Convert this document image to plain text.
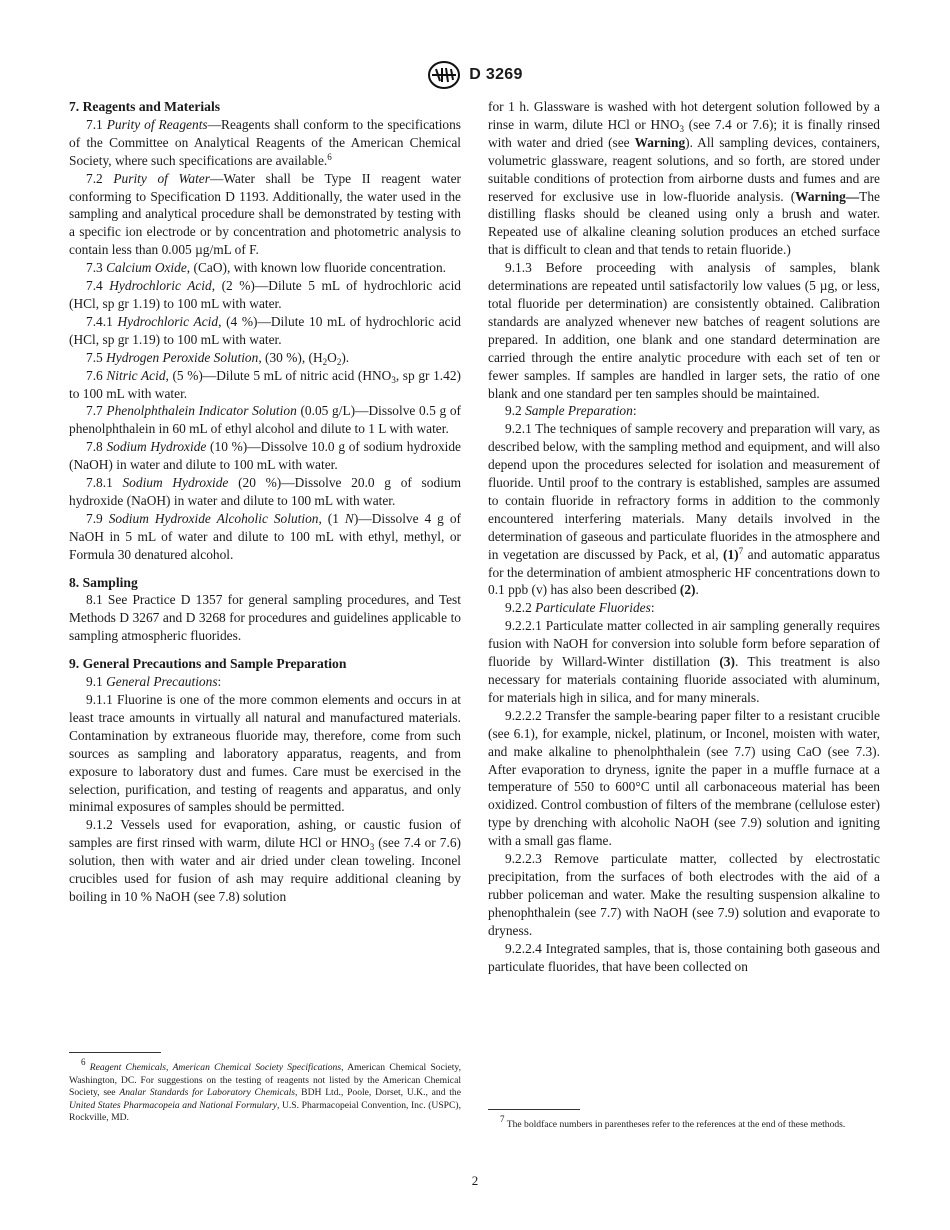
D 3269
7. Reagents and Materials

7.1 Purity of Reagents—Reagents shall conform to the specifications of the Committee on Analytical Reagents of the American Chemical Society, where such specifications are available.$^6$

7.2 Purity of Water—Water shall be Type II reagent water conforming to Specification D 1193. Additionally, the water used in the sampling and analytical procedure shall be demonstrated by testing with a specific ion electrode or by concentration and photometric analysis to contain less than 0.005 µg/mL of F.

7.3 Calcium Oxide, (CaO), with known low fluoride concentration.

7.4 Hydrochloric Acid, (2 %)—Dilute 5 mL of hydrochloric acid (HCl, sp gr 1.19) to 100 mL with water.

7.4.1 Hydrochloric Acid, (4 %)—Dilute 10 mL of hydrochloric acid (HCl, sp gr 1.19) to 100 mL with water.

7.5 Hydrogen Peroxide Solution, (30 %), $(H_2O_2)$.

7.6 Nitric Acid, (5 %)—Dilute 5 mL of nitric acid ($HNO_3$, sp gr 1.42) to 100 mL with water.

7.7 Phenolphthalein Indicator Solution (0.05 g/L)—Dissolve 0.5 g of phenolphthalein in 60 mL of ethyl alcohol and dilute to 1 L with water.

7.8 Sodium Hydroxide (10 %)—Dissolve 10.0 g of sodium hydroxide (NaOH) in water and dilute to 100 mL with water.

7.8.1 Sodium Hydroxide (20 %)—Dissolve 20.0 g of sodium hydroxide (NaOH) in water and dilute to 100 mL with water.

7.9 Sodium Hydroxide Alcoholic Solution, (1 N)—Dissolve 4 g of NaOH in 5 mL of water and dilute to 100 mL with ethyl, methyl, or Formula 30 denatured alcohol.

8. Sampling

8.1 See Practice D 1357 for general sampling procedures, and Test Methods D 3267 and D 3268 for procedures and guidelines applicable to sampling atmospheric fluorides.

9. General Precautions and Sample Preparation

9.1 General Precautions:

9.1.1 Fluorine is one of the more common elements and occurs in at least trace amounts in virtually all natural and manufactured materials. Contamination by extraneous fluoride may, therefore, come from such sources as sampling and laboratory apparatus, reagents, and from exposure to laboratory dust and fumes. Care must be exercised in the selection, purification, and testing of reagents and apparatus, and only minimal exposures of samples should be permitted.

9.1.2 Vessels used for evaporation, ashing, or caustic fusion of samples are first rinsed with warm, dilute HCl or $HNO_3$ (see 7.4 or 7.6) solution, then with water and air dried under clean toweling. Inconel crucibles used for fusion of ash may require additional cleaning by boiling in 10 % NaOH (see 7.8) solution

$^6$ Reagent Chemicals, American Chemical Society Specifications, American Chemical Society, Washington, DC. For suggestions on the testing of reagents not listed by the American Chemical Society, see Analar Standards for Laboratory Chemicals, BDH Ltd., Poole, Dorset, U.K., and the United States Pharmacopeia and National Formulary, U.S. Pharmacopeial Convention, Inc. (USPC), Rockville, MD.

for 1 h. Glassware is washed with hot detergent solution followed by a rinse in warm, dilute HCl or $HNO_3$ (see 7.4 or 7.6); it is finally rinsed with water and dried (see Warning). All sampling devices, containers, volumetric glassware, reagent solutions, and so forth, are stored under suitable conditions of protection from airborne dusts and fumes and are reserved for exclusive use in low-fluoride analysis. (Warning—The distilling flasks should be cleaned using only a brush and water. Repeated use of alkaline cleaning solution produces an etched surface that is difficult to clean and that tends to retain fluoride.)

9.1.3 Before proceeding with analysis of samples, blank determinations are repeated until satisfactorily low values (5 µg, or less, total fluoride per determination) are consistently obtained. Calibration standards are analyzed whenever new batches of reagent solutions are prepared. In addition, one blank and one standard determination are carried through the entire analytic procedure with each set of ten or fewer samples. If samples are handled in larger sets, the ratio of one blank and one standard per ten samples should be maintained.

9.2 Sample Preparation:

9.2.1 The techniques of sample recovery and preparation will vary, as described below, with the sampling method and equipment, and will also depend upon the procedures selected for isolation and measurement of fluoride. Until proof to the contrary is established, samples are assumed to contain fluoride in refractory forms in addition to the commonly encountered interfering materials. Many details involved in the determination of gaseous and particulate fluorides in the atmosphere and in vegetation are discussed by Pack, et al, $(1)^7$ and automatic apparatus for the determination of ambient atmospheric HF concentrations down to 0.1 ppb (v) has also been described (2).

9.2.2 Particulate Fluorides:

9.2.2.1 Particulate matter collected in air sampling generally requires fusion with NaOH for conversion into soluble form before separation of fluoride by Willard-Winter distillation (3). This treatment is also necessary for materials containing fluoride associated with aluminum, for materials high in silica, and for many minerals.

9.2.2.2 Transfer the sample-bearing paper filter to a resistant crucible (see 6.1), for example, nickel, platinum, or Inconel, moisten with water, and make alkaline to phenolphthalein (see 7.7) using CaO (see 7.3). After evaporation to dryness, ignite the paper in a muffle furnace at a temperature of 550 to 600°C until all carbonaceous material has been oxidized. Control combustion of filters of the membrane (cellulose ester) type by drenching with alcoholic NaOH (see 7.9) solution and igniting with a small gas flame.

9.2.2.3 Remove particulate matter, collected by electrostatic precipitation, from the surfaces of both electrodes with the aid of a rubber policeman and water. Make the resulting suspension alkaline to phenophthalein (see 7.7) with NaOH (see 7.9) solution and evaporate to dryness.

9.2.2.4 Integrated samples, that is, those containing both gaseous and particulate fluorides, that have been collected on

$^7$ The boldface numbers in parentheses refer to the references at the end of these methods.
2
